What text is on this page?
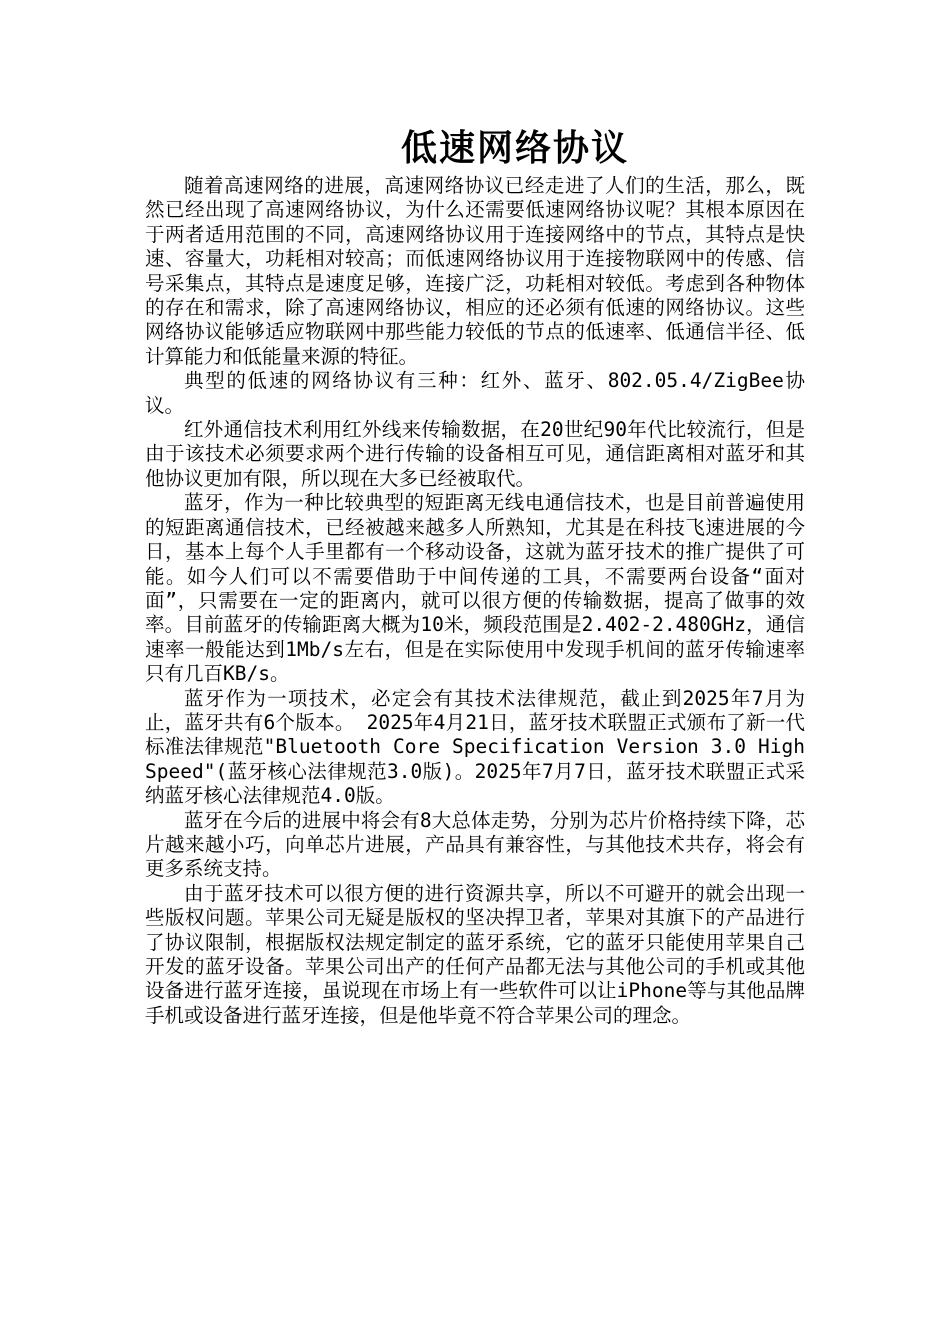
低速网络协议

随着高速网络的进展，高速网络协议已经走进了人们的生活，那么，既然已经出现了高速网络协议，为什么还需要低速网络协议呢？其根本原因在于两者适用范围的不同，高速网络协议用于连接网络中的节点，其特点是快速、容量大，功耗相对较高；而低速网络协议用于连接物联网中的传感、信号采集点，其特点是速度足够，连接广泛，功耗相对较低。考虑到各种物体的存在和需求，除了高速网络协议，相应的还必须有低速的网络协议。这些网络协议能够适应物联网中那些能力较低的节点的低速率、低通信半径、低计算能力和低能量来源的特征。

典型的低速的网络协议有三种：红外、蓝牙、802.05.4/ZigBee协议。

红外通信技术利用红外线来传输数据，在20世纪90年代比较流行，但是由于该技术必须要求两个进行传输的设备相互可见，通信距离相对蓝牙和其他协议更加有限，所以现在大多已经被取代。

蓝牙，作为一种比较典型的短距离无线电通信技术，也是目前普遍使用的短距离通信技术，已经被越来越多人所熟知，尤其是在科技飞速进展的今日，基本上每个人手里都有一个移动设备，这就为蓝牙技术的推广提供了可能。如今人们可以不需要借助于中间传递的工具，不需要两台设备“面对面”，只需要在一定的距离内，就可以很方便的传输数据，提高了做事的效率。目前蓝牙的传输距离大概为10米，频段范围是2.402-2.480GHz，通信速率一般能达到1Mb/s左右，但是在实际使用中发现手机间的蓝牙传输速率只有几百KB/s。

蓝牙作为一项技术，必定会有其技术法律规范，截止到2025年7月为止，蓝牙共有6个版本。 2025年4月21日，蓝牙技术联盟正式颁布了新一代标准法律规范"Bluetooth Core Specification Version 3.0 High Speed"(蓝牙核心法律规范3.0版)。2025年7月7日，蓝牙技术联盟正式采纳蓝牙核心法律规范4.0版。

蓝牙在今后的进展中将会有8大总体走势，分别为芯片价格持续下降，芯片越来越小巧，向单芯片进展，产品具有兼容性，与其他技术共存，将会有更多系统支持。

由于蓝牙技术可以很方便的进行资源共享，所以不可避开的就会出现一些版权问题。苹果公司无疑是版权的坚决捍卫者，苹果对其旗下的产品进行了协议限制，根据版权法规定制定的蓝牙系统，它的蓝牙只能使用苹果自己开发的蓝牙设备。苹果公司出产的任何产品都无法与其他公司的手机或其他设备进行蓝牙连接，虽说现在市场上有一些软件可以让iPhone等与其他品牌手机或设备进行蓝牙连接，但是他毕竟不符合苹果公司的理念。
